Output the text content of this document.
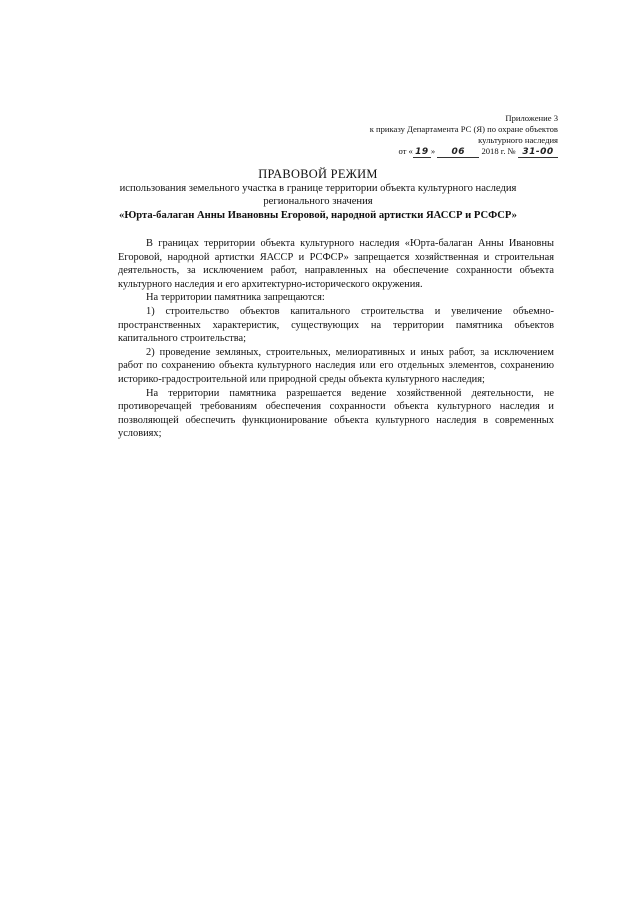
Приложение 3
к приказу Департамента РС (Я) по охране объектов
культурного наследия
от « 19 » 06 2018 г. № 31-00
ПРАВОВОЙ РЕЖИМ
использования земельного участка в границе территории объекта культурного наследия
регионального значения
«Юрта-балаган Анны Ивановны Егоровой, народной артистки ЯАССР и РСФСР»

В границах территории объекта культурного наследия «Юрта-балаган Анны Ивановны Егоровой, народной артистки ЯАССР и РСФСР» запрещается хозяйственная и строительная деятельность, за исключением работ, направленных на обеспечение сохранности объекта культурного наследия и его архитектурно-исторического окружения.

На территории памятника запрещаются:

1) строительство объектов капитального строительства и увеличение объемно-пространственных характеристик, существующих на территории памятника объектов капитального строительства;

2) проведение земляных, строительных, мелиоративных и иных работ, за исключением работ по сохранению объекта культурного наследия или его отдельных элементов, сохранению историко-градостроительной или природной среды объекта культурного наследия;

На территории памятника разрешается ведение хозяйственной деятельности, не противоречащей требованиям обеспечения сохранности объекта культурного наследия и позволяющей обеспечить функционирование объекта культурного наследия в современных условиях;
